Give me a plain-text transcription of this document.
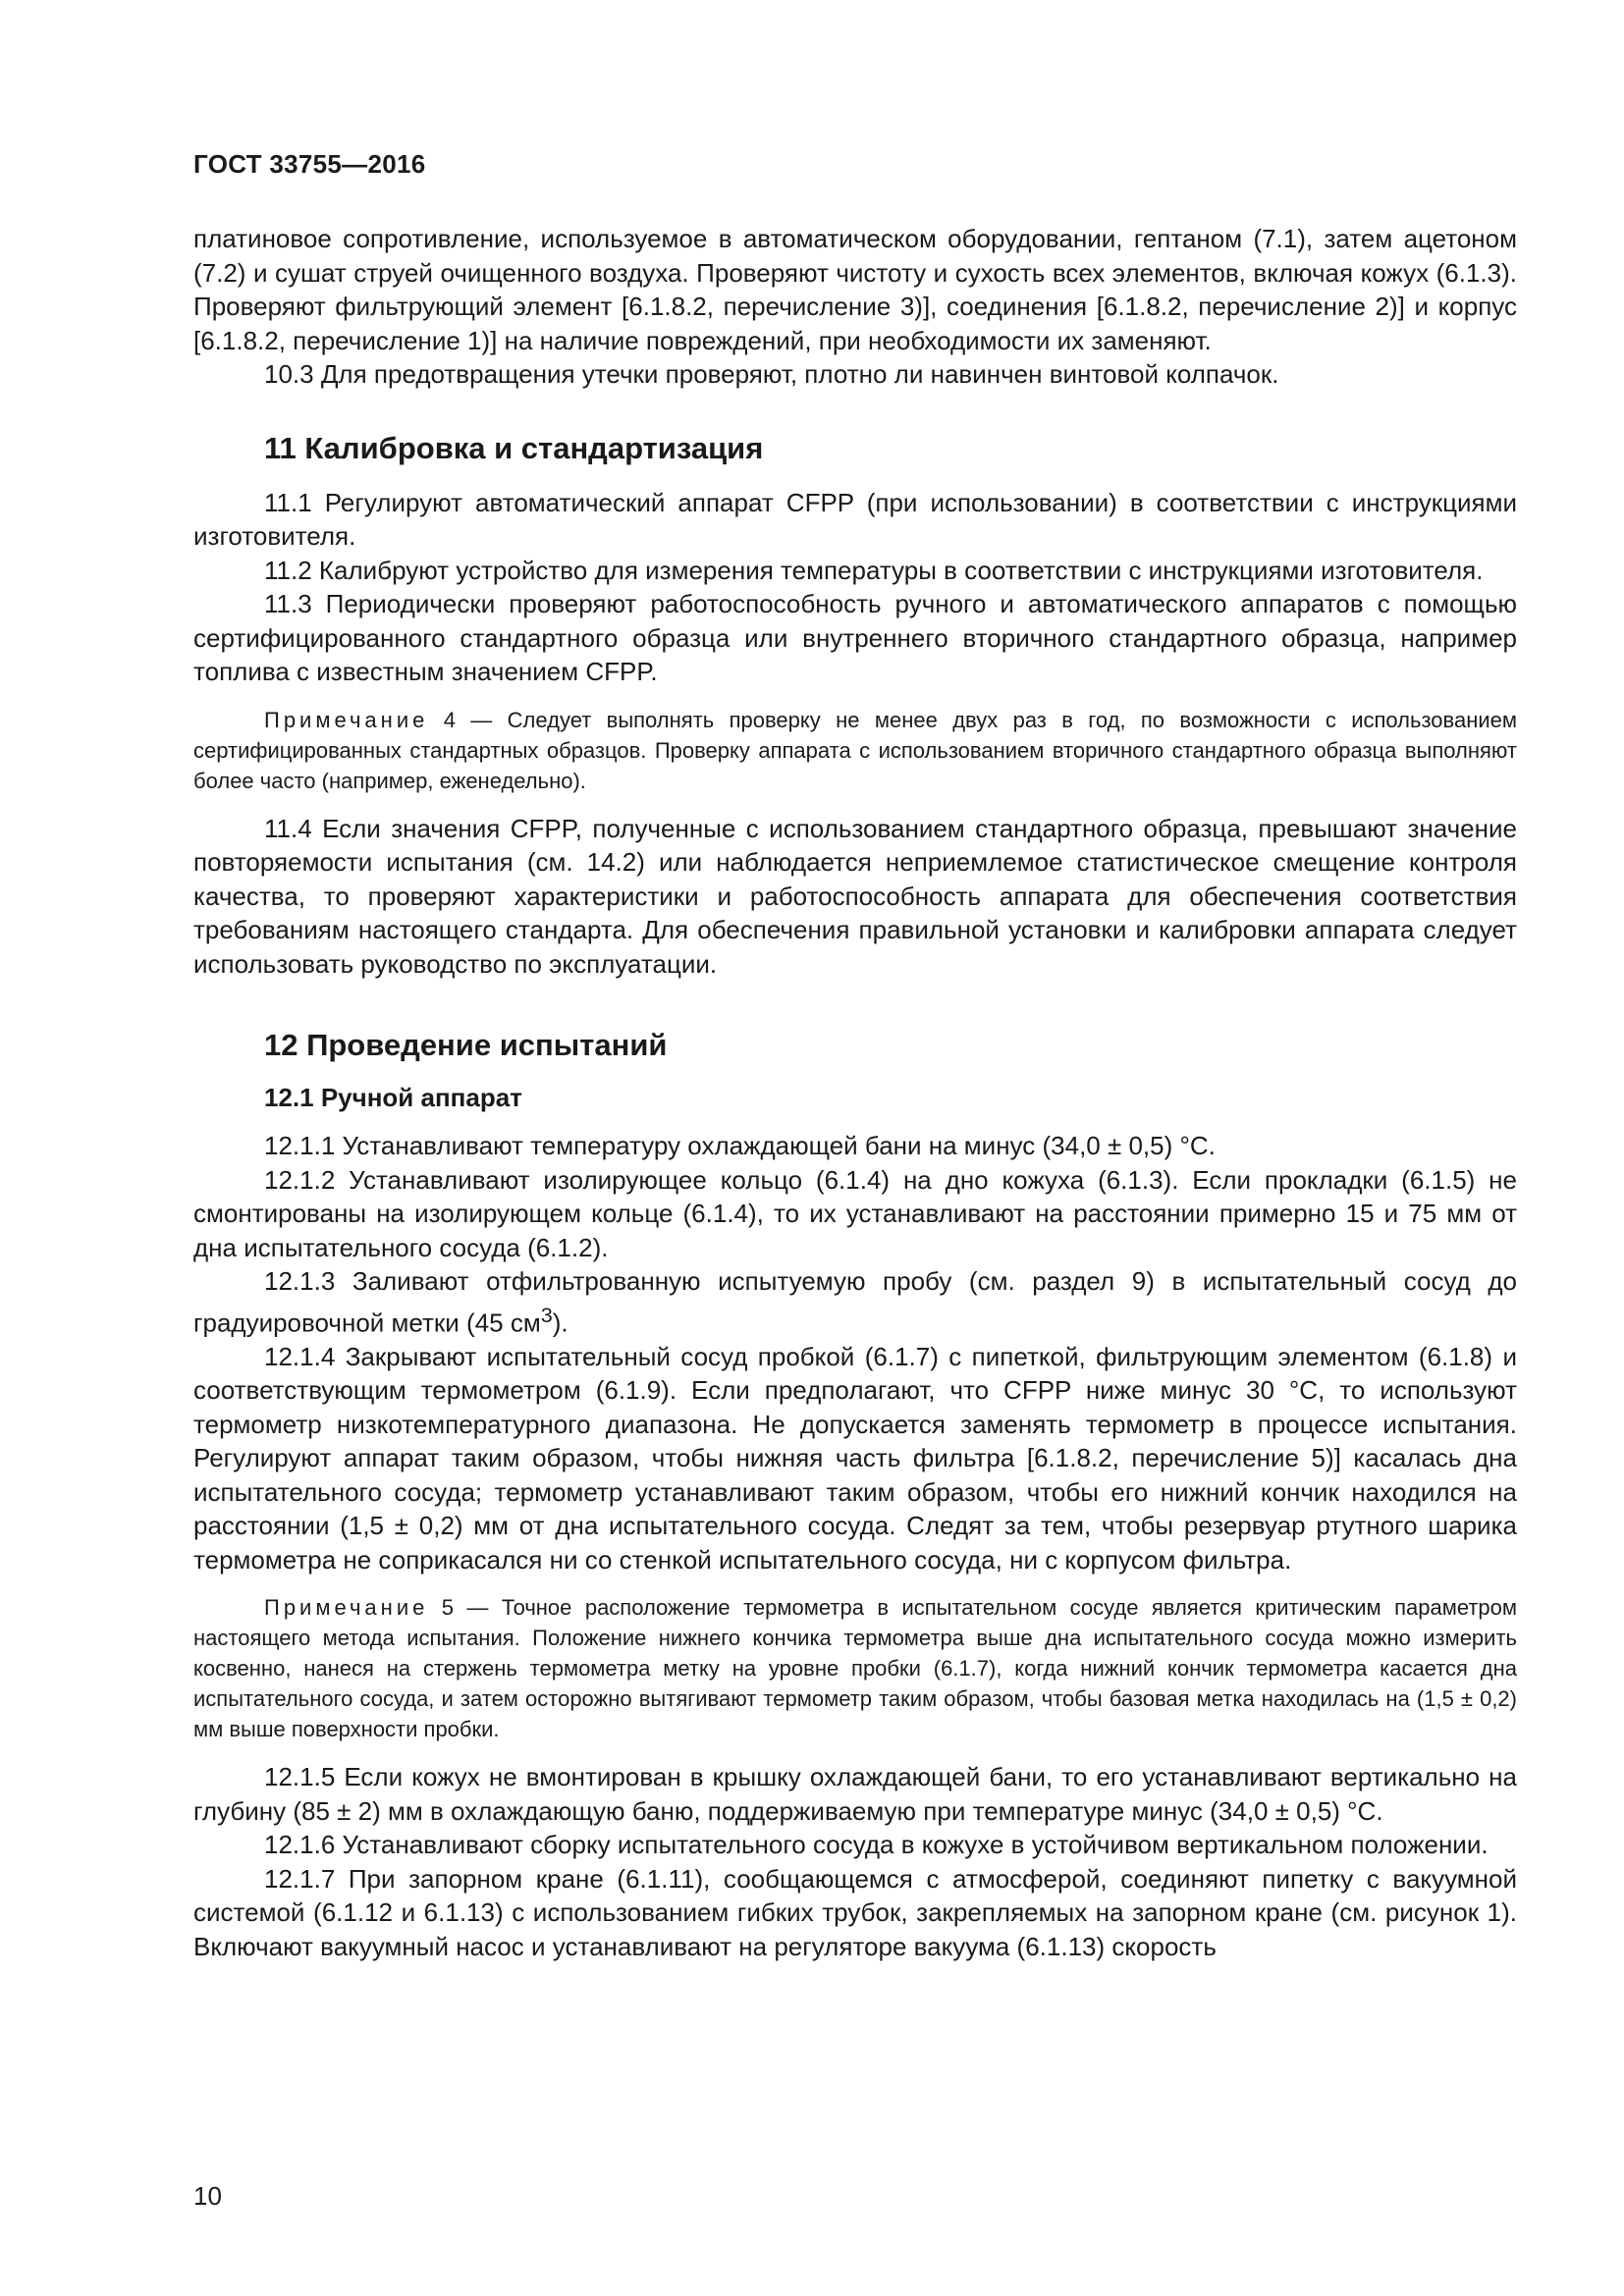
ГОСТ 33755—2016

платиновое сопротивление, используемое в автоматическом оборудовании, гептаном (7.1), затем ацетоном (7.2) и сушат струей очищенного воздуха. Проверяют чистоту и сухость всех элементов, включая кожух (6.1.3). Проверяют фильтрующий элемент [6.1.8.2, перечисление 3)], соединения [6.1.8.2, перечисление 2)] и корпус [6.1.8.2, перечисление 1)] на наличие повреждений, при необходимости их заменяют.

10.3 Для предотвращения утечки проверяют, плотно ли навинчен винтовой колпачок.

11 Калибровка и стандартизация

11.1 Регулируют автоматический аппарат CFPP (при использовании) в соответствии с инструкциями изготовителя.

11.2 Калибруют устройство для измерения температуры в соответствии с инструкциями изготовителя.

11.3 Периодически проверяют работоспособность ручного и автоматического аппаратов с помощью сертифицированного стандартного образца или внутреннего вторичного стандартного образца, например топлива с известным значением CFPP.

Примечание 4 — Следует выполнять проверку не менее двух раз в год, по возможности с использованием сертифицированных стандартных образцов. Проверку аппарата с использованием вторичного стандартного образца выполняют более часто (например, еженедельно).

11.4 Если значения CFPP, полученные с использованием стандартного образца, превышают значение повторяемости испытания (см. 14.2) или наблюдается неприемлемое статистическое смещение контроля качества, то проверяют характеристики и работоспособность аппарата для обеспечения соответствия требованиям настоящего стандарта. Для обеспечения правильной установки и калибровки аппарата следует использовать руководство по эксплуатации.

12 Проведение испытаний
12.1 Ручной аппарат

12.1.1 Устанавливают температуру охлаждающей бани на минус (34,0 ± 0,5) °С.

12.1.2 Устанавливают изолирующее кольцо (6.1.4) на дно кожуха (6.1.3). Если прокладки (6.1.5) не смонтированы на изолирующем кольце (6.1.4), то их устанавливают на расстоянии примерно 15 и 75 мм от дна испытательного сосуда (6.1.2).

12.1.3 Заливают отфильтрованную испытуемую пробу (см. раздел 9) в испытательный сосуд до градуировочной метки (45 $см^3$).

12.1.4 Закрывают испытательный сосуд пробкой (6.1.7) с пипеткой, фильтрующим элементом (6.1.8) и соответствующим термометром (6.1.9). Если предполагают, что CFPP ниже минус 30 °С, то используют термометр низкотемпературного диапазона. Не допускается заменять термометр в процессе испытания. Регулируют аппарат таким образом, чтобы нижняя часть фильтра [6.1.8.2, перечисление 5)] касалась дна испытательного сосуда; термометр устанавливают таким образом, чтобы его нижний кончик находился на расстоянии (1,5 ± 0,2) мм от дна испытательного сосуда. Следят за тем, чтобы резервуар ртутного шарика термометра не соприкасался ни со стенкой испытательного сосуда, ни с корпусом фильтра.

Примечание 5 — Точное расположение термометра в испытательном сосуде является критическим параметром настоящего метода испытания. Положение нижнего кончика термометра выше дна испытательного сосуда можно измерить косвенно, нанеся на стержень термометра метку на уровне пробки (6.1.7), когда нижний кончик термометра касается дна испытательного сосуда, и затем осторожно вытягивают термометр таким образом, чтобы базовая метка находилась на (1,5 ± 0,2) мм выше поверхности пробки.

12.1.5 Если кожух не вмонтирован в крышку охлаждающей бани, то его устанавливают вертикально на глубину (85 ± 2) мм в охлаждающую баню, поддерживаемую при температуре минус (34,0 ± 0,5) °С.

12.1.6 Устанавливают сборку испытательного сосуда в кожухе в устойчивом вертикальном положении.

12.1.7 При запорном кране (6.1.11), сообщающемся с атмосферой, соединяют пипетку с вакуумной системой (6.1.12 и 6.1.13) с использованием гибких трубок, закрепляемых на запорном кране (см. рисунок 1). Включают вакуумный насос и устанавливают на регуляторе вакуума (6.1.13) скорость

10
